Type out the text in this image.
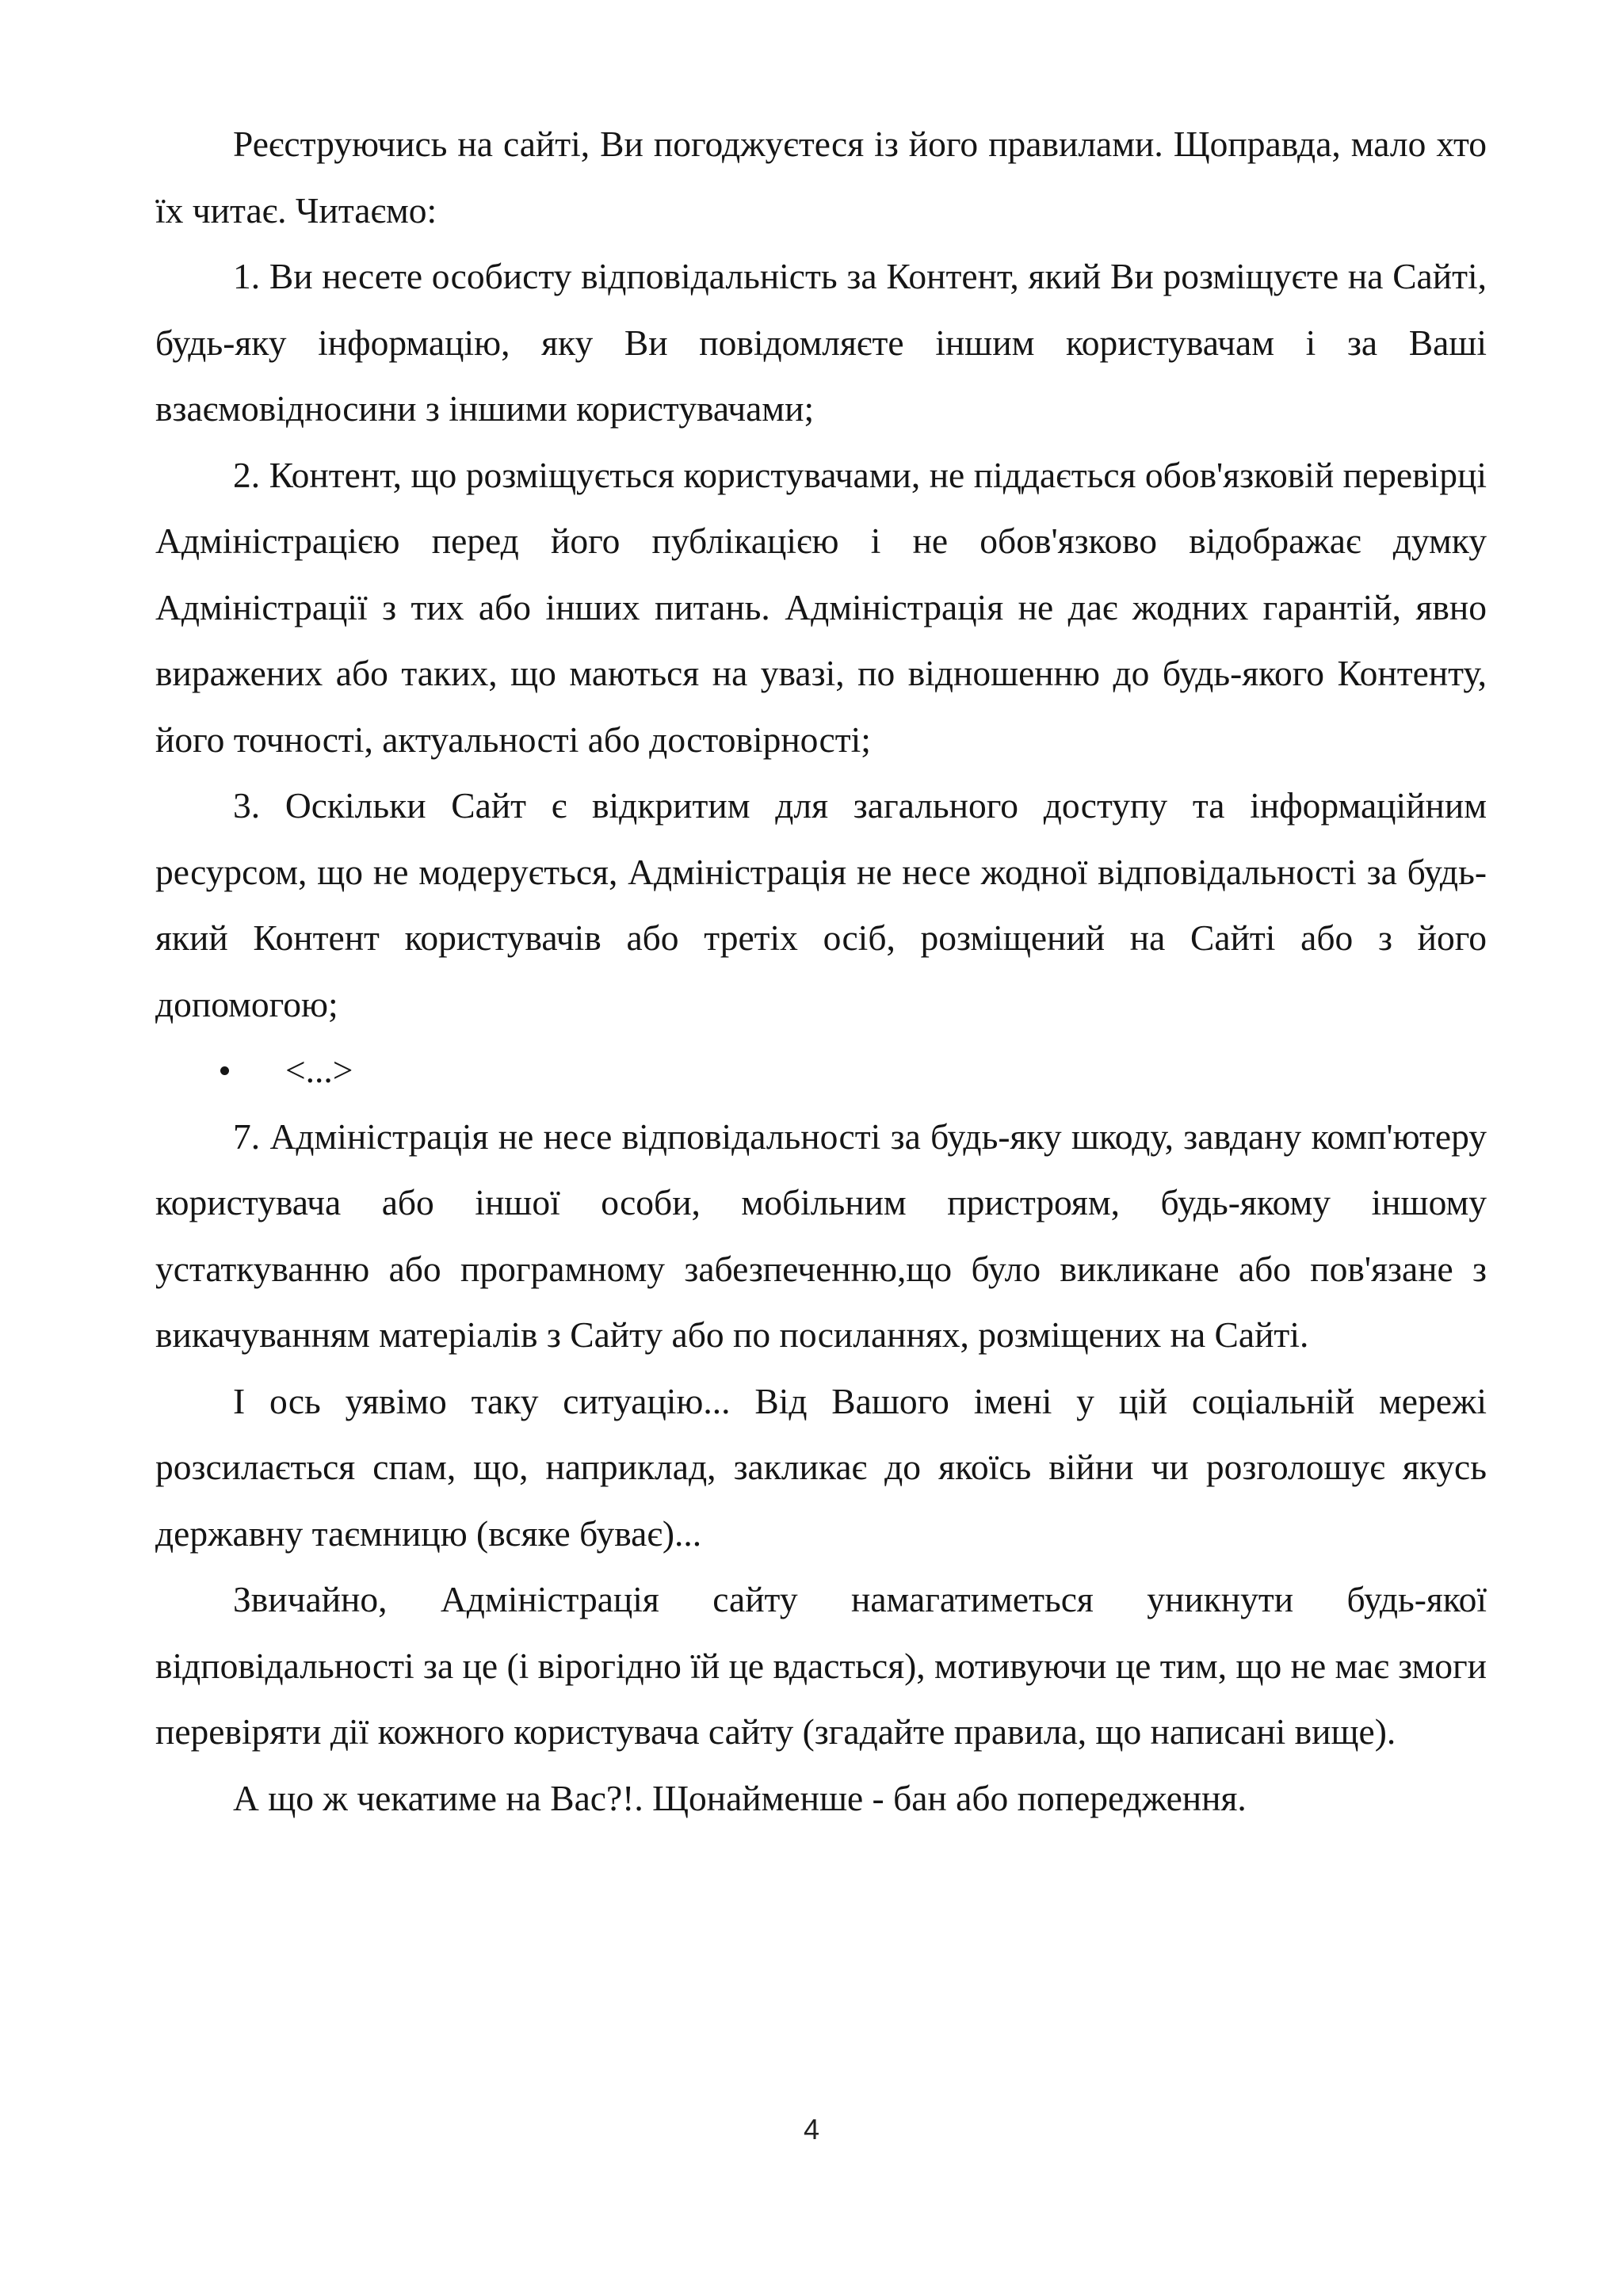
Реєструючись на сайті, Ви погоджуєтеся із його правилами. Щоправда, мало хто їх читає. Читаємо:

1. Ви несете особисту відповідальність за Контент, який Ви розміщуєте на Сайті, будь-яку інформацію, яку Ви повідомляєте іншим користувачам і за Ваші взаємовідносини з іншими користувачами;

2. Контент, що розміщується користувачами, не піддається обов'язковій перевірці Адміністрацією перед його публікацією і не обов'язково відображає думку Адміністрації з тих або інших питань. Адміністрація не дає жодних гарантій, явно виражених або таких, що маються на увазі, по відношенню до будь-якого Контенту, його точності, актуальності або достовірності;

3. Оскільки Сайт є відкритим для загального доступу та інформаційним ресурсом, що не модерується, Адміністрація не несе жодної відповідальності за будь-який Контент користувачів або третіх осіб, розміщений на Сайті або з його допомогою;

<...>

7. Адміністрація не несе відповідальності за будь-яку шкоду, завдану комп'ютеру користувача або іншої особи, мобільним пристроям, будь-якому іншому устаткуванню або програмному забезпеченню,що було викликане або пов'язане з викачуванням матеріалів з Сайту або по посиланнях, розміщених на Сайті.

І ось уявімо таку ситуацію... Від Вашого імені у цій соціальній мережі розсилається спам, що, наприклад, закликає до якоїсь війни чи розголошує якусь державну таємницю (всяке буває)...

Звичайно, Адміністрація сайту намагатиметься уникнути будь-якої відповідальності за це (і вірогідно їй це вдасться), мотивуючи це тим, що не має змоги перевіряти дії кожного користувача сайту (згадайте правила, що написані вище).

А що ж чекатиме на Вас?!. Щонайменше - бан або попередження.

4
